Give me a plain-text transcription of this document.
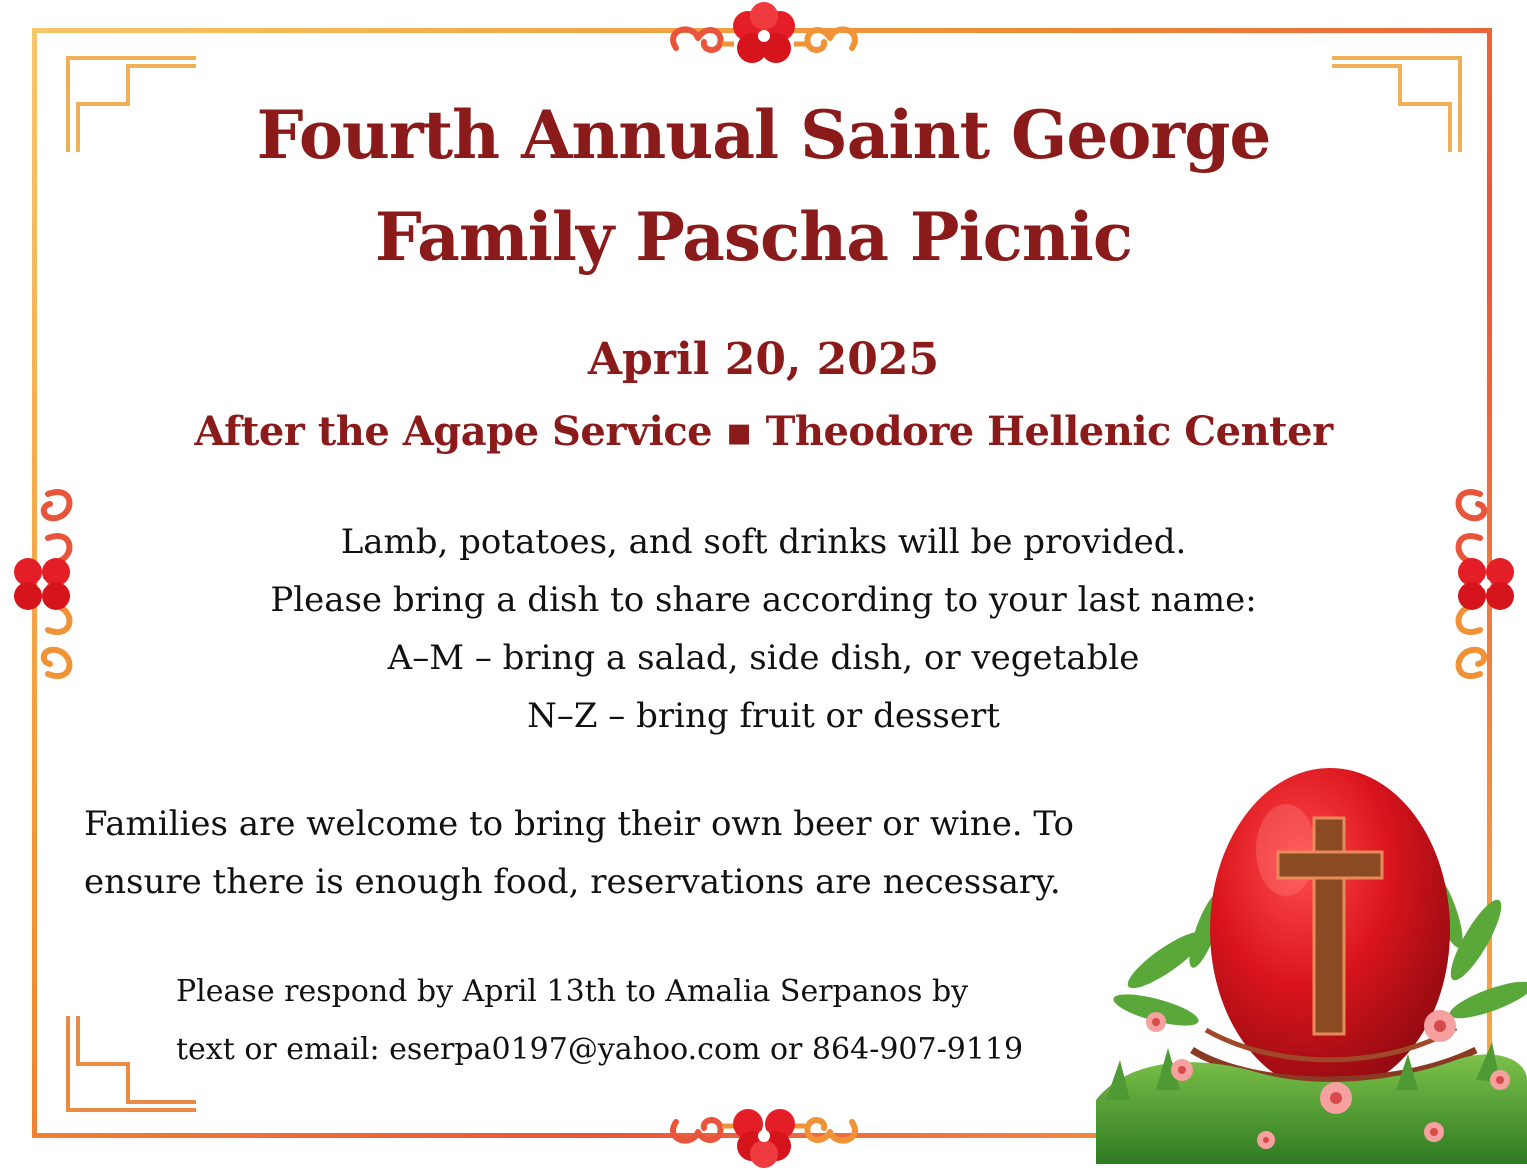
Fourth Annual Saint George
Family Pascha Picnic
April 20, 2025
After the Agape Service ▪ Theodore Hellenic Center
Lamb, potatoes, and soft drinks will be provided.
Please bring a dish to share according to your last name:
A–M – bring a salad, side dish, or vegetable
N–Z – bring fruit or dessert
Families are welcome to bring their own beer or wine. To
ensure there is enough food, reservations are necessary.
Please respond by April 13th to Amalia Serpanos by
text or email: eserpa0197@yahoo.com or 864-907-9119
